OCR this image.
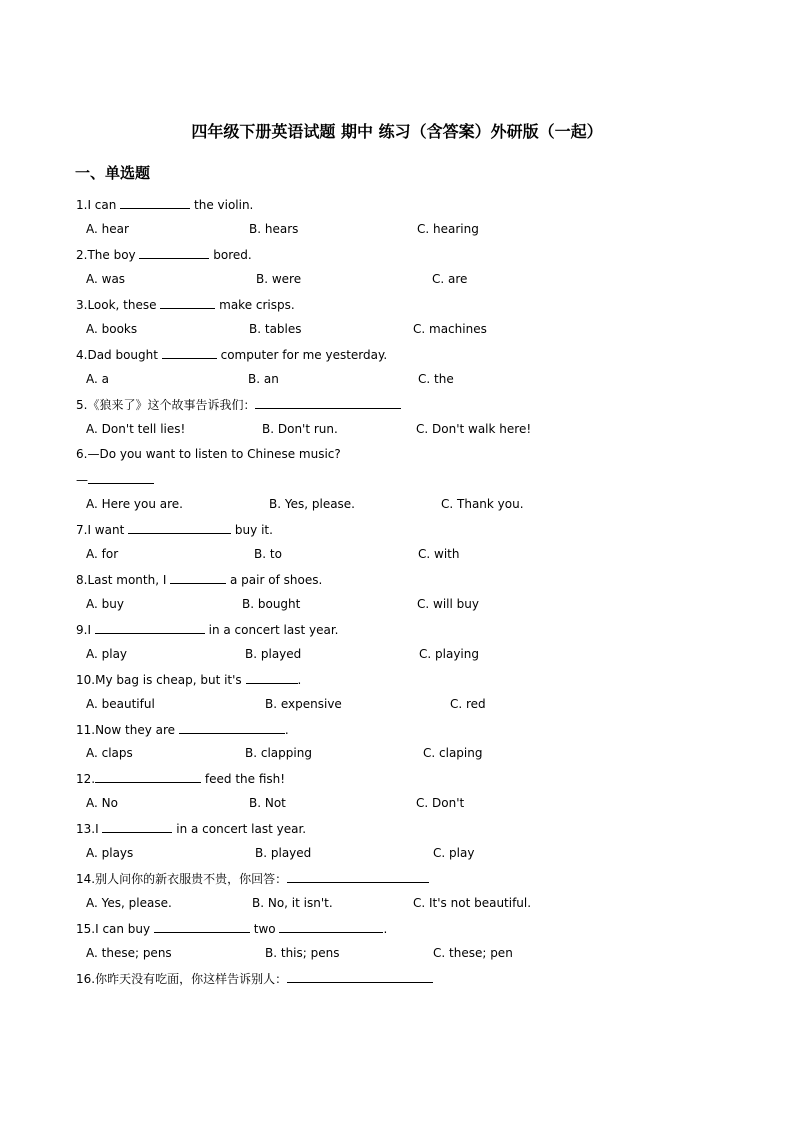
四年级下册英语试题 期中 练习（含答案）外研版（一起）
一、单选题
1.I can	the violin.
A. hear	B. hears	C. hearing
2.The boy	bored.
A. was	B. were	C. are
3.Look, these	make crisps.
A. books	B. tables	C. machines
4.Dad bought	computer for me yesterday.
A. a	B. an	C. the
5.《狼来了》这个故事告诉我们：
A. Don't tell lies!	B. Don't run.	C. Don't walk here!
6.—Do you want to listen to Chinese music?
—
A. Here you are.	B. Yes, please.	C. Thank you.
7.I want	buy it.
A. for	B. to	C. with
8.Last month, I	a pair of shoes.
A. buy	B. bought	C. will buy
9.I	in a concert last year.
A. play	B. played	C. playing
10.My bag is cheap, but it's	.
A. beautiful	B. expensive	C. red
11.Now they are	.
A. claps	B. clapping	C. claping
12.	feed the fish!
A. No	B. Not	C. Don't
13.I	in a concert last year.
A. plays	B. played	C. play
14.别人问你的新衣服贵不贵，你回答：
A. Yes, please.	B. No, it isn't.	C. It's not beautiful.
15.I can buy	two	.
A. these; pens	B. this; pens	C. these; pen
16.你昨天没有吃面，你这样告诉别人：
